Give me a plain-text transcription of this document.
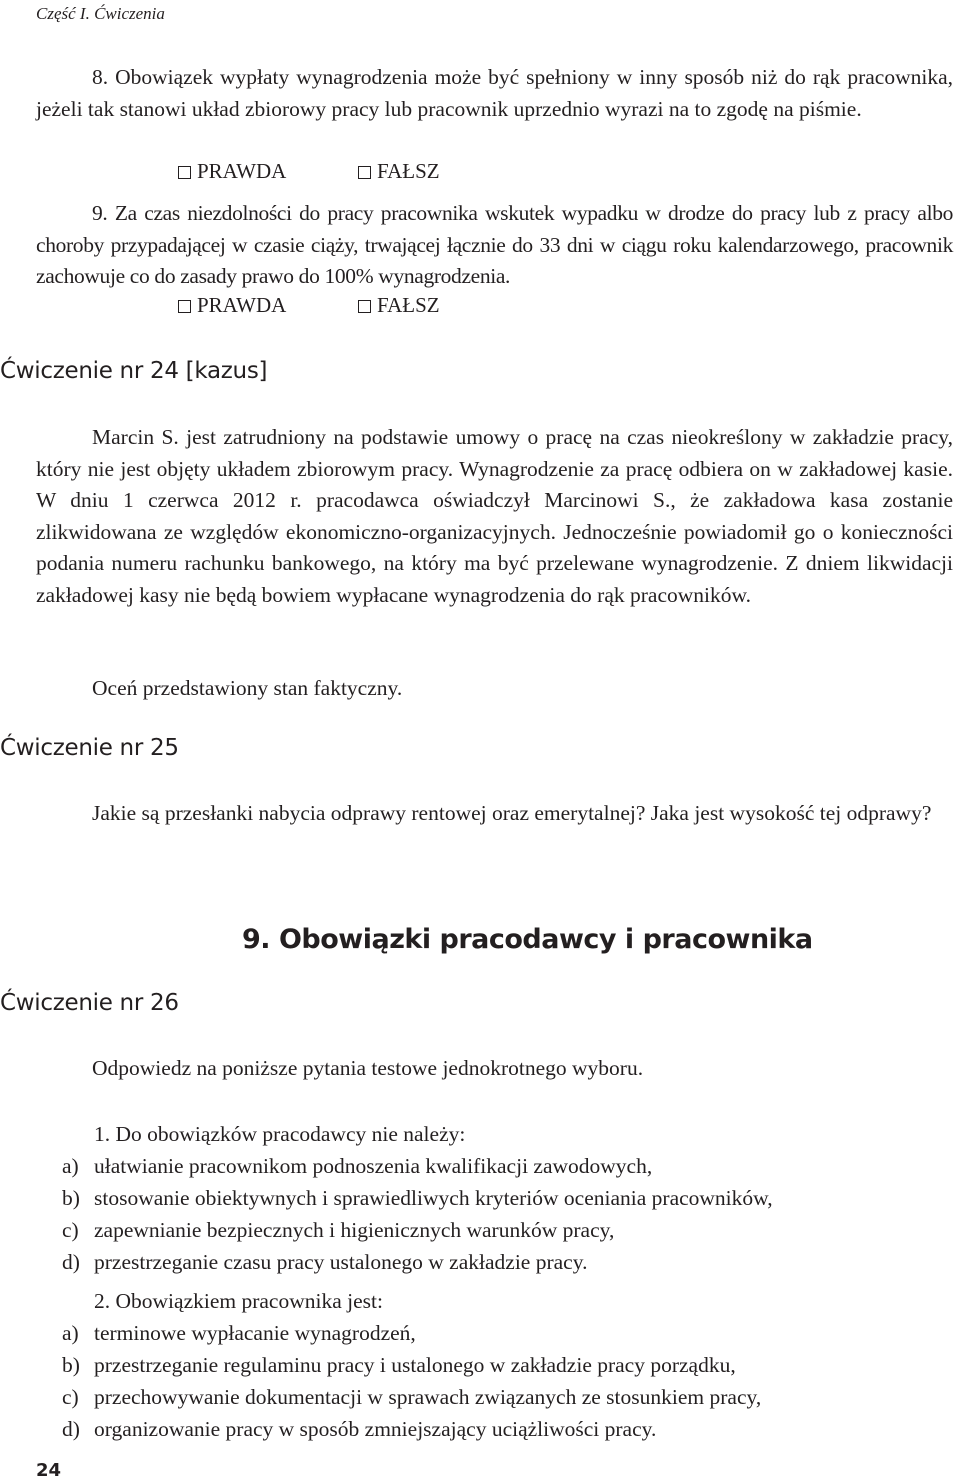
Część I. Ćwiczenia
8. Obowiązek wypłaty wynagrodzenia może być spełniony w inny sposób niż do rąk pracownika, jeżeli tak stanowi układ zbiorowy pracy lub pracownik uprzednio wyrazi na to zgodę na piśmie.
PRAWDA	FAŁSZ
9. Za czas niezdolności do pracy pracownika wskutek wypadku w drodze do pracy lub z pracy albo choroby przypadającej w czasie ciąży, trwającej łącznie do 33 dni w ciągu roku kalendarzowego, pracownik zachowuje co do zasady prawo do 100% wynagrodzenia.
PRAWDA	FAŁSZ
Ćwiczenie nr 24 [kazus]
Marcin S. jest zatrudniony na podstawie umowy o pracę na czas nieokreślony w zakładzie pracy, który nie jest objęty układem zbiorowym pracy. Wynagrodzenie za pracę odbiera on w zakładowej kasie. W dniu 1 czerwca 2012 r. pracodawca oświadczył Marcinowi S., że zakładowa kasa zostanie zlikwidowana ze względów ekonomiczno-organizacyjnych. Jednocześnie powiadomił go o konieczności podania numeru rachunku bankowego, na który ma być przelewane wynagrodzenie. Z dniem likwidacji zakładowej kasy nie będą bowiem wypłacane wynagrodzenia do rąk pracowników.
Oceń przedstawiony stan faktyczny.
Ćwiczenie nr 25
Jakie są przesłanki nabycia odprawy rentowej oraz emerytalnej? Jaka jest wysokość tej odprawy?
9. Obowiązki pracodawcy i pracownika
Ćwiczenie nr 26
Odpowiedz na poniższe pytania testowe jednokrotnego wyboru.
1. Do obowiązków pracodawcy nie należy:
a) ułatwianie pracownikom podnoszenia kwalifikacji zawodowych,
b) stosowanie obiektywnych i sprawiedliwych kryteriów oceniania pracowników,
c) zapewnianie bezpiecznych i higienicznych warunków pracy,
d) przestrzeganie czasu pracy ustalonego w zakładzie pracy.
2. Obowiązkiem pracownika jest:
a) terminowe wypłacanie wynagrodzeń,
b) przestrzeganie regulaminu pracy i ustalonego w zakładzie pracy porządku,
c) przechowywanie dokumentacji w sprawach związanych ze stosunkiem pracy,
d) organizowanie pracy w sposób zmniejszający uciążliwości pracy.
24
